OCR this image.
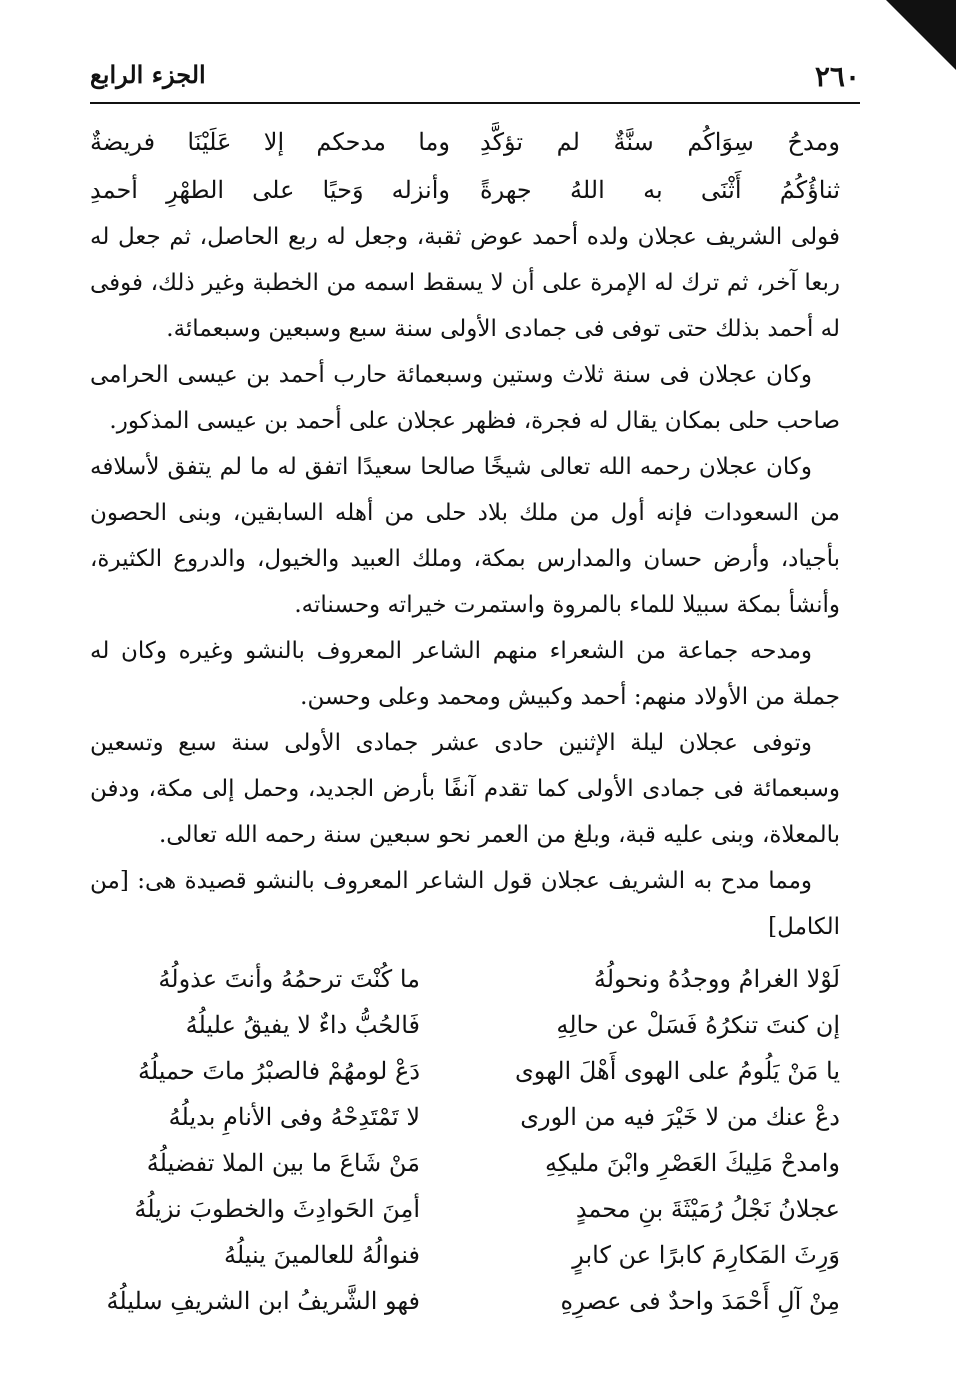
٢٦٠
الجزء الرابع
ومدحُ سِوَاكُم سنَّةٌ لم تؤكَّدِ
وما مدحكم إلا عَلَيْنَا فريضةٌ
ثناؤُكُمُ أَثْنَى به اللهُ جهرةً
وأنزله وَحيًا على الطهْرِ أحمدِ

فولى الشريف عجلان ولده أحمد عوض ثقبة، وجعل له ربع الحاصل، ثم جعل له ربعا آخر، ثم ترك له الإمرة على أن لا يسقط اسمه من الخطبة وغير ذلك، فوفى له أحمد بذلك حتى توفى فى جمادى الأولى سنة سبع وسبعين وسبعمائة.

وكان عجلان فى سنة ثلاث وستين وسبعمائة حارب أحمد بن عيسى الحرامى صاحب حلى بمكان يقال له فجرة، فظهر عجلان على أحمد بن عيسى المذكور.

وكان عجلان رحمه الله تعالى شيخًا صالحا سعيدًا اتفق له ما لم يتفق لأسلافه من السعودات فإنه أول من ملك بلاد حلى من أهله السابقين، وبنى الحصون بأجياد، وأرض حسان والمدارس بمكة، وملك العبيد والخيول، والدروع الكثيرة، وأنشأ بمكة سبيلا للماء بالمروة واستمرت خيراته وحسناته.

ومدحه جماعة من الشعراء منهم الشاعر المعروف بالنشو وغيره وكان له جملة من الأولاد منهم: أحمد وكبيش ومحمد وعلى وحسن.

وتوفى عجلان ليلة الإثنين حادى عشر جمادى الأولى سنة سبع وتسعين وسبعمائة فى جمادى الأولى كما تقدم آنفًا بأرض الجديد، وحمل إلى مكة، ودفن بالمعلاة، وبنى عليه قبة، وبلغ من العمر نحو سبعين سنة رحمه الله تعالى.

ومما مدح به الشريف عجلان قول الشاعر المعروف بالنشو قصيدة هى: [من الكامل]

لَوْلا الغرامُ ووجدُهُ ونحولُهُ
ما كُنْتَ ترحمُهُ وأنتَ عذولُهُ
إن كنتَ تنكرُهُ فَسَلْ عن حالِهِ
فَالحُبُّ داءٌ لا يفيقُ عليلُهُ
يا مَنْ يَلُومُ على الهوى أَهْلَ الهوى
دَعْ لومهُمْ فالصبْرُ ماتَ حميلُهُ
دعْ عنك من لا خَيْرَ فيه من الورى
لا تَمْتَدِحْهُ وفى الأنامِ بديلُهُ
وامدحْ مَلِيكَ العَصْرِ وابْنَ مليكِهِ
مَنْ شَاعَ ما بين الملا تفضيلُهُ
عجلانُ نَجْلُ رُمَيْثَةَ بنِ محمدٍ
أمِنَ الحَوادِثَ والخطوبَ نزيلُهُ
وَرِثَ المَكارِمَ كابرًا عن كابرٍ
فنوالُهُ للعالمينَ ينيلُهُ
مِنْ آلِ أَحْمَدَ واحدٌ فى عصرِهِ
فهو الشَّريفُ ابن الشريفِ سليلُهُ
